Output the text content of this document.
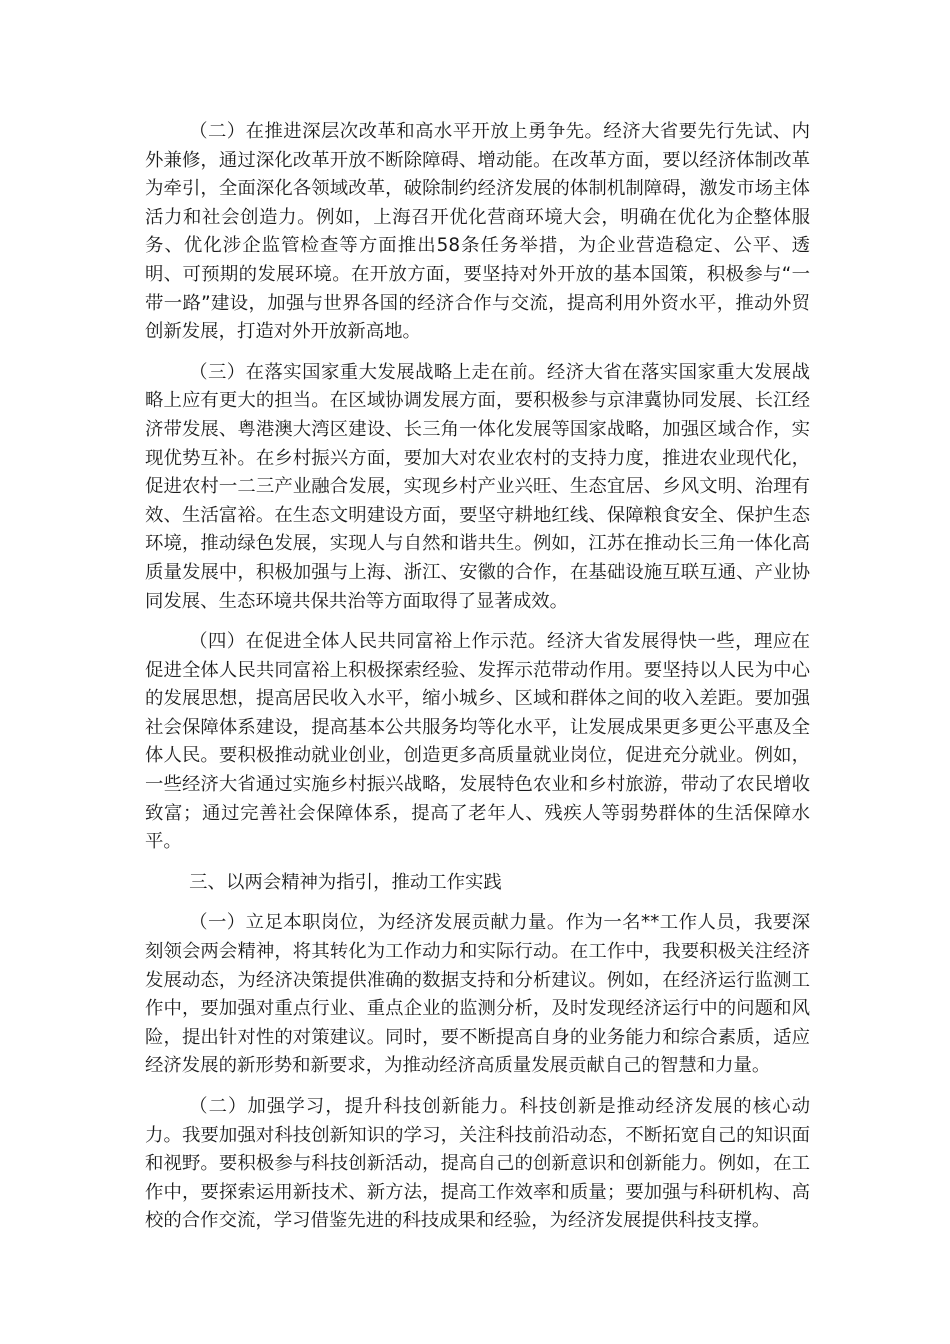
（二）在推进深层次改革和高水平开放上勇争先。经济大省要先行先试、内外兼修，通过深化改革开放不断除障碍、增动能。在改革方面，要以经济体制改革为牵引，全面深化各领域改革，破除制约经济发展的体制机制障碍，激发市场主体活力和社会创造力。例如，上海召开优化营商环境大会，明确在优化为企整体服务、优化涉企监管检查等方面推出58条任务举措，为企业营造稳定、公平、透明、可预期的发展环境。在开放方面，要坚持对外开放的基本国策，积极参与“一带一路”建设，加强与世界各国的经济合作与交流，提高利用外资水平，推动外贸创新发展，打造对外开放新高地。

（三）在落实国家重大发展战略上走在前。经济大省在落实国家重大发展战略上应有更大的担当。在区域协调发展方面，要积极参与京津冀协同发展、长江经济带发展、粤港澳大湾区建设、长三角一体化发展等国家战略，加强区域合作，实现优势互补。在乡村振兴方面，要加大对农业农村的支持力度，推进农业现代化，促进农村一二三产业融合发展，实现乡村产业兴旺、生态宜居、乡风文明、治理有效、生活富裕。在生态文明建设方面，要坚守耕地红线、保障粮食安全、保护生态环境，推动绿色发展，实现人与自然和谐共生。例如，江苏在推动长三角一体化高质量发展中，积极加强与上海、浙江、安徽的合作，在基础设施互联互通、产业协同发展、生态环境共保共治等方面取得了显著成效。

（四）在促进全体人民共同富裕上作示范。经济大省发展得快一些，理应在促进全体人民共同富裕上积极探索经验、发挥示范带动作用。要坚持以人民为中心的发展思想，提高居民收入水平，缩小城乡、区域和群体之间的收入差距。要加强社会保障体系建设，提高基本公共服务均等化水平，让发展成果更多更公平惠及全体人民。要积极推动就业创业，创造更多高质量就业岗位，促进充分就业。例如，一些经济大省通过实施乡村振兴战略，发展特色农业和乡村旅游，带动了农民增收致富；通过完善社会保障体系，提高了老年人、残疾人等弱势群体的生活保障水平。

三、以两会精神为指引，推动工作实践

（一）立足本职岗位，为经济发展贡献力量。作为一名**工作人员，我要深刻领会两会精神，将其转化为工作动力和实际行动。在工作中，我要积极关注经济发展动态，为经济决策提供准确的数据支持和分析建议。例如，在经济运行监测工作中，要加强对重点行业、重点企业的监测分析，及时发现经济运行中的问题和风险，提出针对性的对策建议。同时，要不断提高自身的业务能力和综合素质，适应经济发展的新形势和新要求，为推动经济高质量发展贡献自己的智慧和力量。

（二）加强学习，提升科技创新能力。科技创新是推动经济发展的核心动力。我要加强对科技创新知识的学习，关注科技前沿动态，不断拓宽自己的知识面和视野。要积极参与科技创新活动，提高自己的创新意识和创新能力。例如，在工作中，要探索运用新技术、新方法，提高工作效率和质量；要加强与科研机构、高校的合作交流，学习借鉴先进的科技成果和经验，为经济发展提供科技支撑。
